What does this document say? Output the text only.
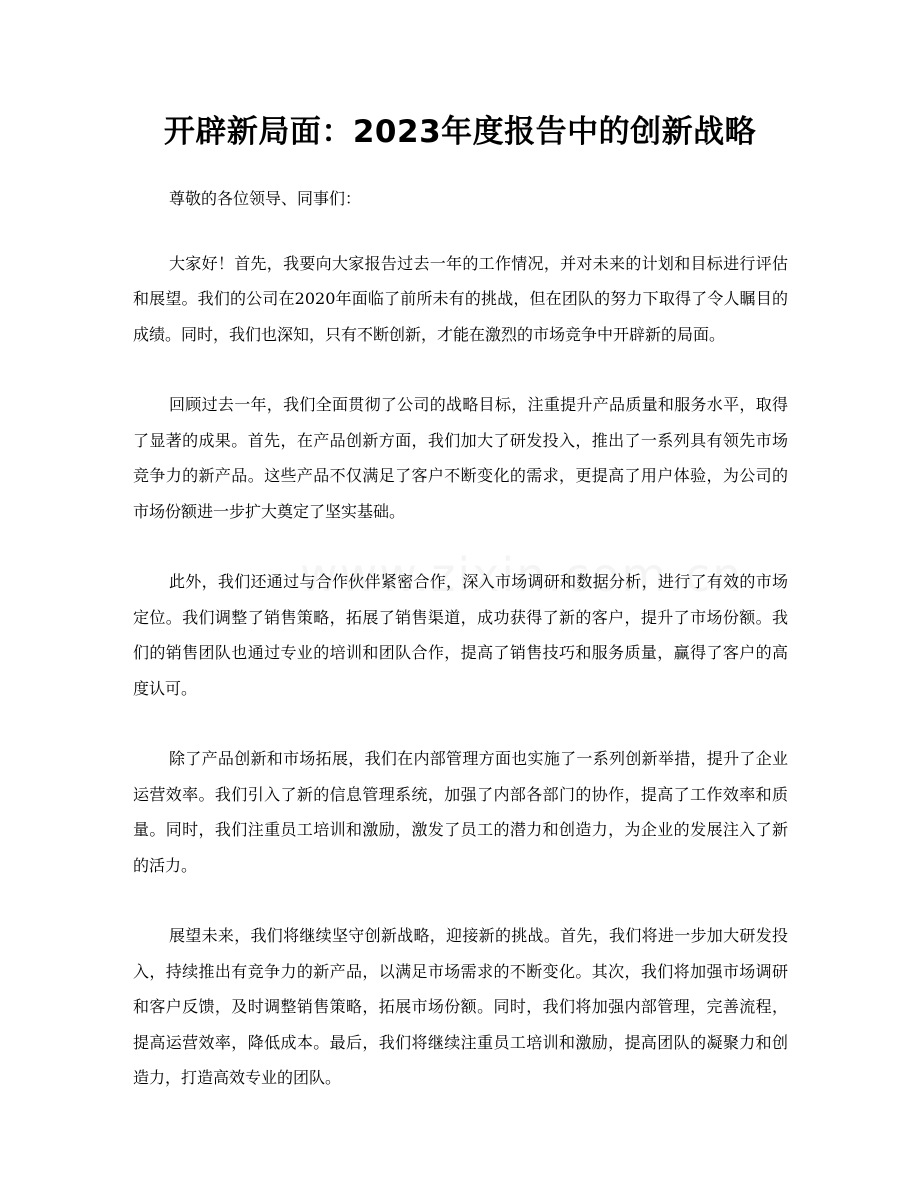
开辟新局面：2023年度报告中的创新战略

尊敬的各位领导、同事们：

大家好！首先，我要向大家报告过去一年的工作情况，并对未来的计划和目标进行评估和展望。我们的公司在2020年面临了前所未有的挑战，但在团队的努力下取得了令人瞩目的成绩。同时，我们也深知，只有不断创新，才能在激烈的市场竞争中开辟新的局面。

回顾过去一年，我们全面贯彻了公司的战略目标，注重提升产品质量和服务水平，取得了显著的成果。首先，在产品创新方面，我们加大了研发投入，推出了一系列具有领先市场竞争力的新产品。这些产品不仅满足了客户不断变化的需求，更提高了用户体验，为公司的市场份额进一步扩大奠定了坚实基础。

此外，我们还通过与合作伙伴紧密合作，深入市场调研和数据分析，进行了有效的市场定位。我们调整了销售策略，拓展了销售渠道，成功获得了新的客户，提升了市场份额。我们的销售团队也通过专业的培训和团队合作，提高了销售技巧和服务质量，赢得了客户的高度认可。

除了产品创新和市场拓展，我们在内部管理方面也实施了一系列创新举措，提升了企业运营效率。我们引入了新的信息管理系统，加强了内部各部门的协作，提高了工作效率和质量。同时，我们注重员工培训和激励，激发了员工的潜力和创造力，为企业的发展注入了新的活力。

展望未来，我们将继续坚守创新战略，迎接新的挑战。首先，我们将进一步加大研发投入，持续推出有竞争力的新产品，以满足市场需求的不断变化。其次，我们将加强市场调研和客户反馈，及时调整销售策略，拓展市场份额。同时，我们将加强内部管理，完善流程，提高运营效率，降低成本。最后，我们将继续注重员工培训和激励，提高团队的凝聚力和创造力，打造高效专业的团队。
